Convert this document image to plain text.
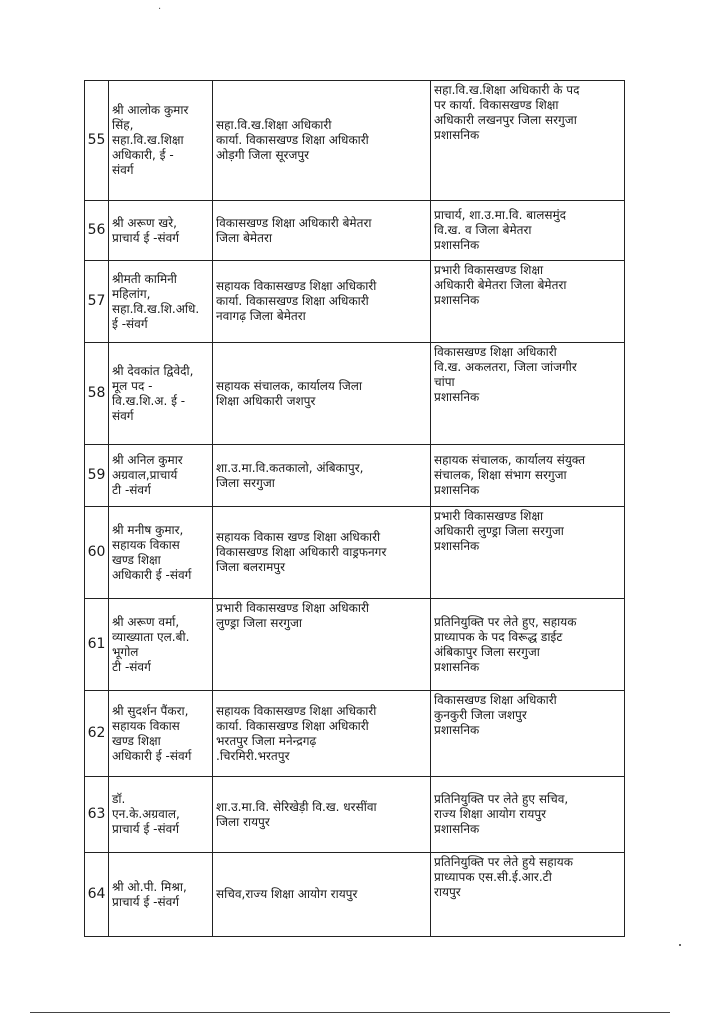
·
55	श्री आलोक कुमार
सिंह,
सहा.वि.ख.शिक्षा
अधिकारी, ई -
संवर्ग	सहा.वि.ख.शिक्षा अधिकारी
कार्या. विकासखण्ड शिक्षा अधिकारी
ओड़गी जिला सूरजपुर	सहा.वि.ख.शिक्षा अधिकारी के पद
पर कार्या. विकासखण्ड शिक्षा
अधिकारी लखनपुर जिला सरगुजा
प्रशासनिक

56	श्री अरूण खरे,
प्राचार्य ई -संवर्ग	विकासखण्ड शिक्षा अधिकारी बेमेतरा
जिला बेमेतरा	प्राचार्य, शा.उ.मा.वि. बालसमुंद
वि.ख. व जिला बेमेतरा
प्रशासनिक

57	श्रीमती कामिनी
महिलांग,
सहा.वि.ख.शि.अधि.
ई -संवर्ग	सहायक विकासखण्ड शिक्षा अधिकारी
कार्या. विकासखण्ड शिक्षा अधिकारी
नवागढ़ जिला बेमेतरा	प्रभारी विकासखण्ड शिक्षा
अधिकारी बेमेतरा जिला बेमेतरा
प्रशासनिक

58	श्री देवकांत द्विवेदी,
मूल पद -
वि.ख.शि.अ. ई -
संवर्ग	सहायक संचालक, कार्यालय जिला
शिक्षा अधिकारी जशपुर	विकासखण्ड शिक्षा अधिकारी
वि.ख. अकलतरा, जिला जांजगीर
चांपा
प्रशासनिक

59	श्री अनिल कुमार
अग्रवाल,प्राचार्य
टी -संवर्ग	शा.उ.मा.वि.कतकालो, अंबिकापुर,
जिला सरगुजा	सहायक संचालक, कार्यालय संयुक्त
संचालक, शिक्षा संभाग सरगुजा
प्रशासनिक

60	श्री मनीष कुमार,
सहायक विकास
खण्ड शिक्षा
अधिकारी ई -संवर्ग	सहायक विकास खण्ड शिक्षा अधिकारी
विकासखण्ड शिक्षा अधिकारी वाड्रफनगर
जिला बलरामपुर	प्रभारी विकासखण्ड शिक्षा
अधिकारी लुण्ड्रा जिला सरगुजा
प्रशासनिक

61	श्री अरूण वर्मा,
व्याख्याता एल.बी.
भूगोल
टी -संवर्ग	प्रभारी विकासखण्ड शिक्षा अधिकारी
लुण्ड्रा जिला सरगुजा	प्रतिनियुक्ति पर लेते हुए, सहायक
प्राध्यापक के पद विरूद्ध डाईट
अंबिकापुर जिला सरगुजा
प्रशासनिक

62	श्री सुदर्शन पैंकरा,
सहायक विकास
खण्ड शिक्षा
अधिकारी ई -संवर्ग	सहायक विकासखण्ड शिक्षा अधिकारी
कार्या. विकासखण्ड शिक्षा अधिकारी
भरतपुर जिला मनेन्द्रगढ़
.चिरमिरी.भरतपुर	विकासखण्ड शिक्षा अधिकारी
कुनकुरी जिला जशपुर
प्रशासनिक

63	डॉ.
एन.के.अग्रवाल,
प्राचार्य ई -संवर्ग	शा.उ.मा.वि. सेरिखेड़ी वि.ख. धरसींवा
जिला रायपुर	प्रतिनियुक्ति पर लेते हुए सचिव,
राज्य शिक्षा आयोग रायपुर
प्रशासनिक

64	श्री ओ.पी. मिश्रा,
प्राचार्य ई -संवर्ग	सचिव,राज्य शिक्षा आयोग रायपुर	प्रतिनियुक्ति पर लेते हुये सहायक
प्राध्यापक एस.सी.ई.आर.टी
रायपुर
